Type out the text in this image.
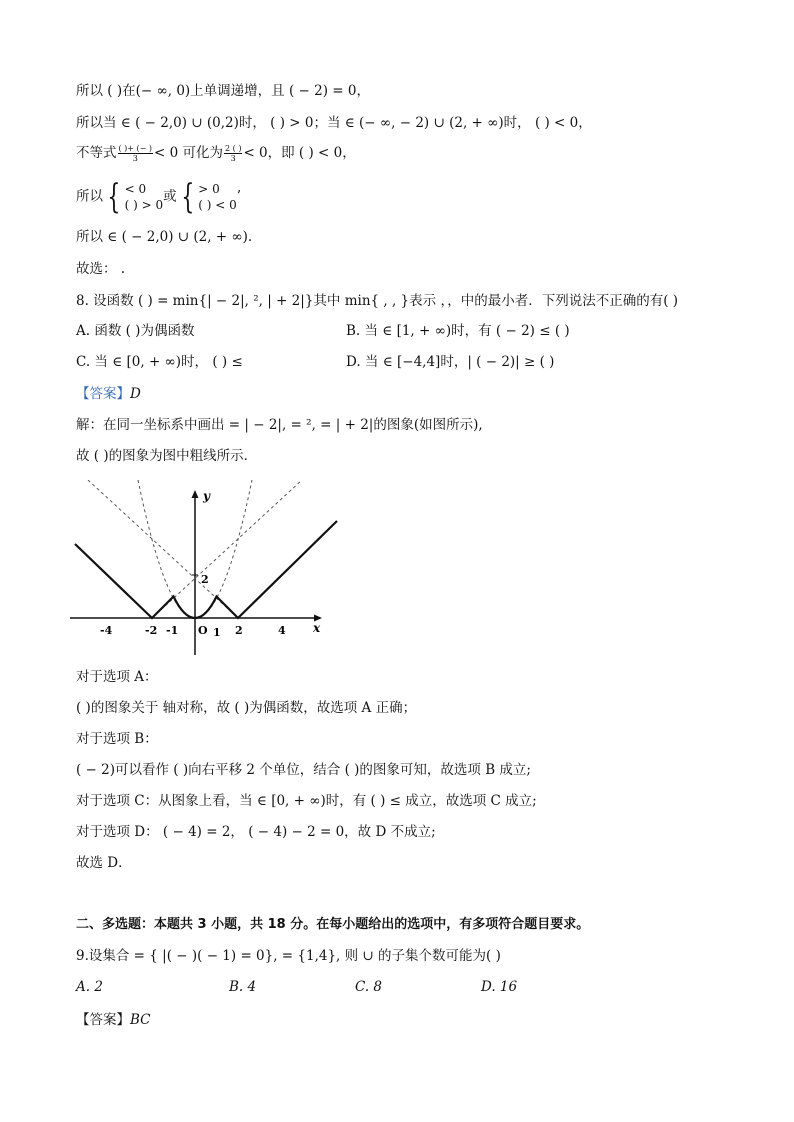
所以 ( )在(− ∞, 0)上单调递增，且 ( − 2) = 0，
所以当 ∈ ( − 2,0) ∪ (0,2)时， ( ) > 0；当 ∈ (− ∞, − 2) ∪ (2, + ∞)时， ( ) < 0，
不等式 $\frac{( )+ (- )}{3} < 0$ 可化为 $\frac{2 ( )}{3} < 0$，即 ( ) < 0，
所以 { < 0
( ) > 0
或 { > 0
( ) < 0
’
所以 ∈ ( − 2,0) ∪ (2, + ∞).
故选： .
8. 设函数 ( ) = min{| − 2|, ², | + 2|}其中 min{ , , }表示 ，，中的最小者．下列说法不正确的有( )
A. 函数 ( )为偶函数	B. 当 ∈ [1, + ∞)时，有 ( − 2) ≤ ( )
C. 当 ∈ [0, + ∞)时， ( ) ≤	D. 当 ∈ [−4,4]时，| ( − 2)| ≥ ( )
【答案】D
解：在同一坐标系中画出 = | − 2|, = ², = | + 2|的图象(如图所示),
故 ( )的图象为图中粗线所示．
y
x
2
-4	-2 -1 O 1 2	4
对于选项 A：
( )的图象关于 轴对称，故 ( )为偶函数，故选项 A 正确；
对于选项 B：
( − 2)可以看作 ( )向右平移 2 个单位，结合 ( )的图象可知，故选项 B 成立;
对于选项 C：从图象上看，当 ∈ [0, + ∞)时，有 ( ) ≤ 成立，故选项 C 成立;
对于选项 D： ( − 4) = 2， ( − 4) − 2 = 0，故 D 不成立;
故选 D．
二、多选题：本题共 3 小题，共 18 分。在每小题给出的选项中，有多项符合题目要求。
9.设集合 = { |( − )( − 1) = 0}, = {1,4}, 则 ∪ 的子集个数可能为( )
A. 2	B. 4	C. 8	D. 16
【答案】BC
